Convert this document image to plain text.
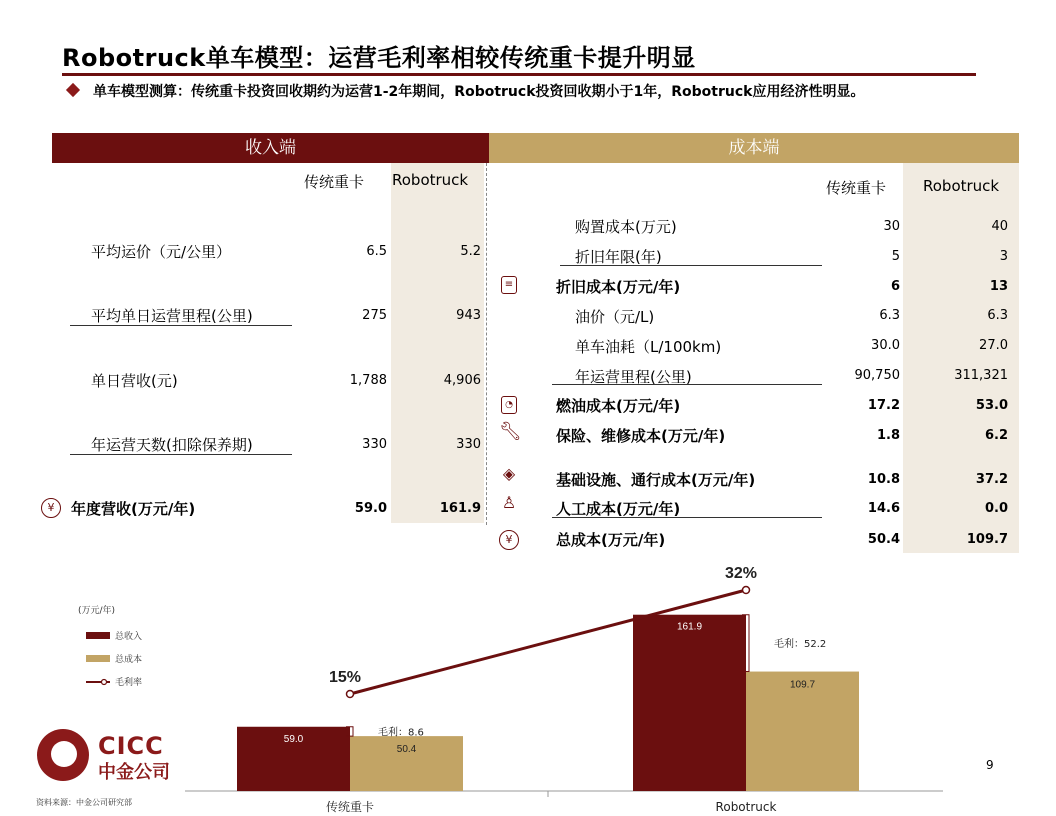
Robotruck单车模型：运营毛利率相较传统重卡提升明显
单车模型测算：传统重卡投资回收期约为运营1-2年期间，Robotruck投资回收期小于1年，Robotruck应用经济性明显。
收入端	成本端
传统重卡 Robotruck
平均运价（元/公里）	6.5	5.2
平均单日运营里程(公里)	275	943
单日营收(元)	1,788	4,906
年运营天数(扣除保养期)	330	330
¥	年度营收(万元/年)	59.0	161.9
传统重卡 Robotruck
购置成本(万元)	30	40
折旧年限(年)	5	3
≡	折旧成本(万元/年)	6	13
油价（元/L)	6.3	6.3
单车油耗（L/100km)	30.0	27.0
年运营里程(公里)	90,750	311,321
◔	燃油成本(万元/年)	17.2	53.0
🔧︎ 保险、维修成本(万元/年)	1.8	6.2
◈	基础设施、通行成本(万元/年)	10.8	37.2
♙	人工成本(万元/年)	14.6	0.0
¥	总成本(万元/年)	50.4	109.7
59.0
50.4
传统重卡
毛利：8.6
161.9
109.7
Robotruck
毛利：52.2
15%
32%
(万元/年)
总收入
总成本
毛利率
CICC
中金公司
资料来源：中金公司研究部
9
